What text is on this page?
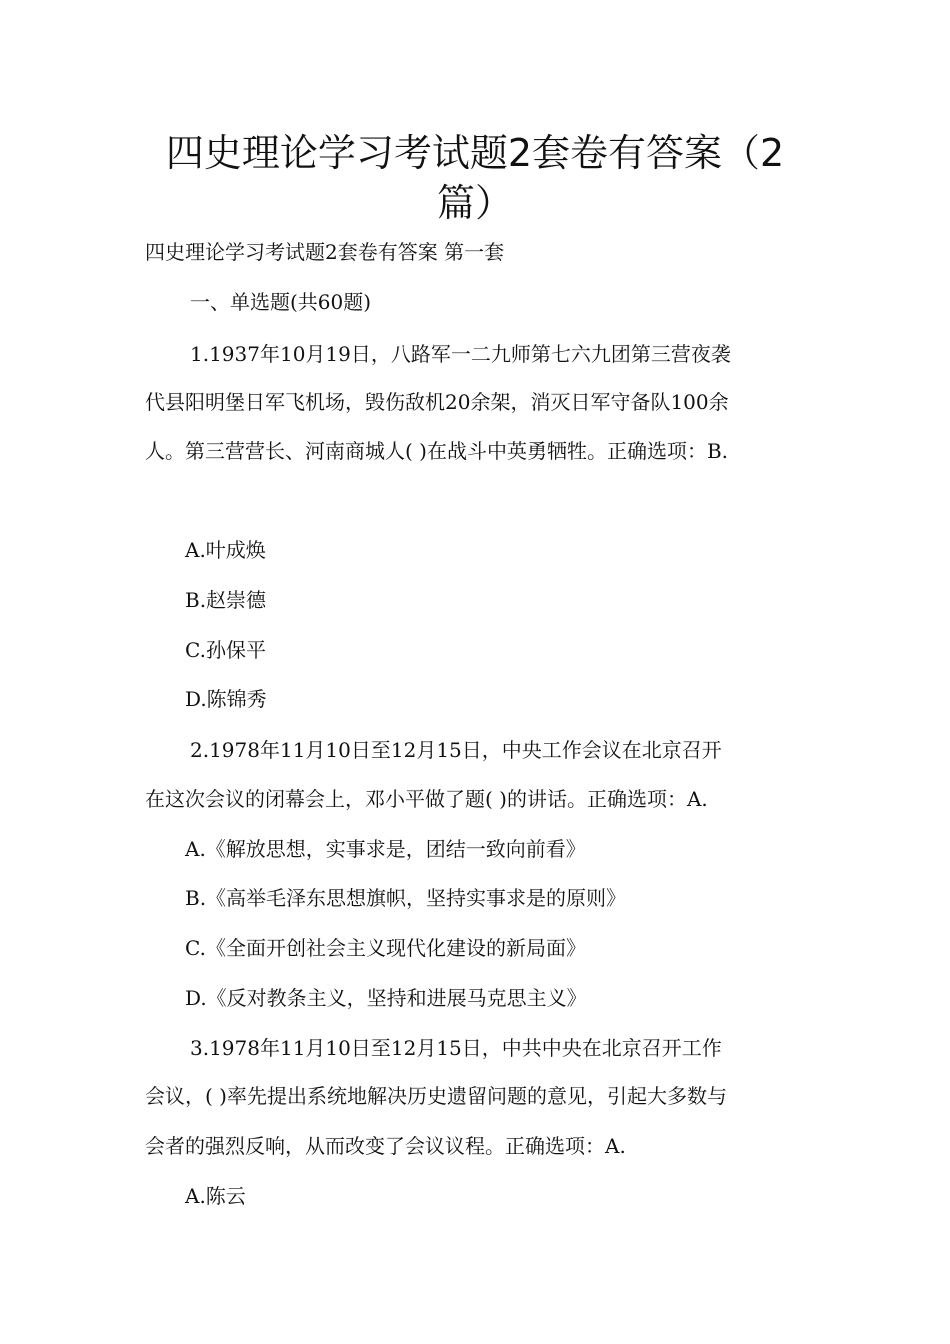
四史理论学习考试题2套卷有答案（2
篇）
四史理论学习考试题2套卷有答案 第一套
一、单选题(共60题)
1.1937年10月19日，八路军一二九师第七六九团第三营夜袭
代县阳明堡日军飞机场，毁伤敌机20余架，消灭日军守备队100余
人。第三营营长、河南商城人( )在战斗中英勇牺牲。正确选项：B.
A.叶成焕
B.赵崇德
C.孙保平
D.陈锦秀
2.1978年11月10日至12月15日，中央工作会议在北京召开
在这次会议的闭幕会上，邓小平做了题( )的讲话。正确选项：A.
A.《解放思想，实事求是，团结一致向前看》
B.《高举毛泽东思想旗帜，坚持实事求是的原则》
C.《全面开创社会主义现代化建设的新局面》
D.《反对教条主义，坚持和进展马克思主义》
3.1978年11月10日至12月15日，中共中央在北京召开工作
会议，( )率先提出系统地解决历史遗留问题的意见，引起大多数与
会者的强烈反响，从而改变了会议议程。正确选项：A.
A.陈云
